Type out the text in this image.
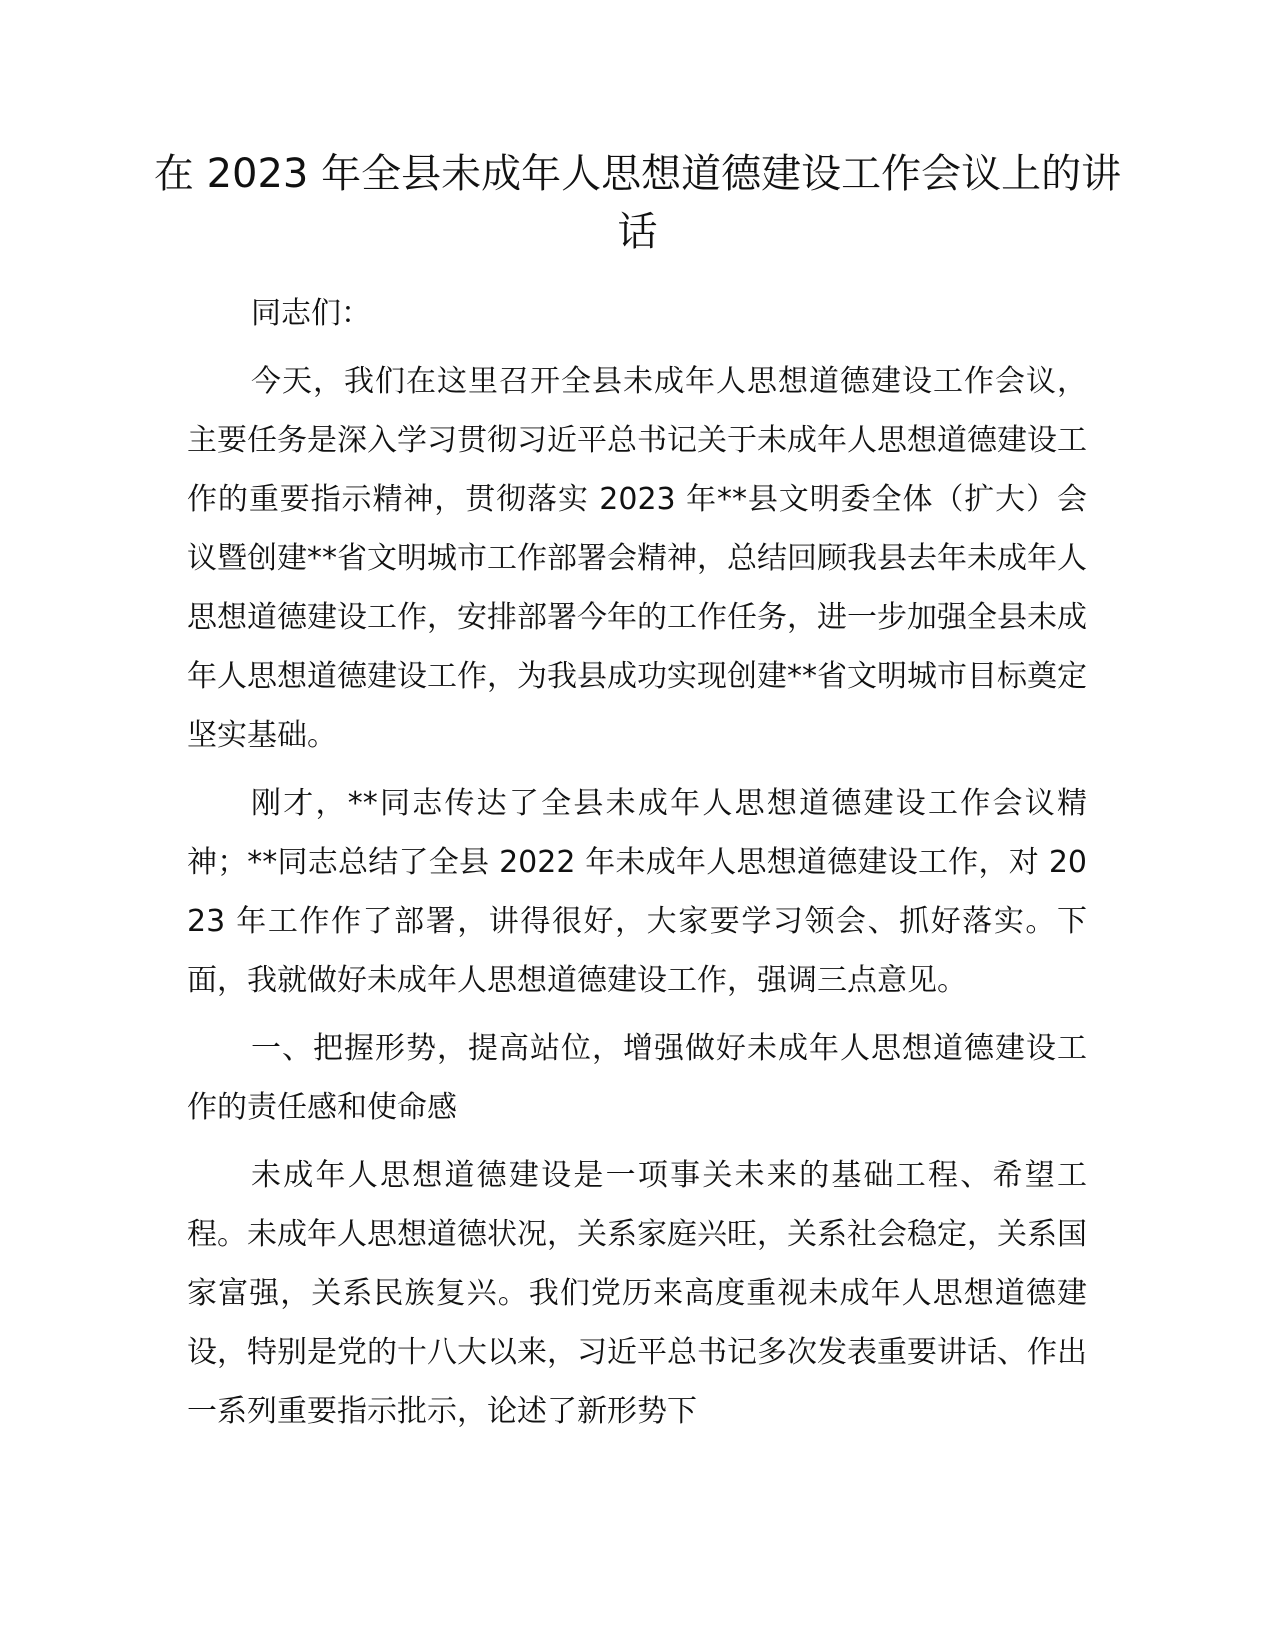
在 2023 年全县未成年人思想道德建设工作会议上的讲话

同志们：

今天，我们在这里召开全县未成年人思想道德建设工作会议，主要任务是深入学习贯彻习近平总书记关于未成年人思想道德建设工作的重要指示精神，贯彻落实 2023 年**县文明委全体（扩大）会议暨创建**省文明城市工作部署会精神，总结回顾我县去年未成年人思想道德建设工作，安排部署今年的工作任务，进一步加强全县未成年人思想道德建设工作，为我县成功实现创建**省文明城市目标奠定坚实基础。

刚才，**同志传达了全县未成年人思想道德建设工作会议精神；**同志总结了全县 2022 年未成年人思想道德建设工作，对 2023 年工作作了部署，讲得很好，大家要学习领会、抓好落实。下面，我就做好未成年人思想道德建设工作，强调三点意见。

一、把握形势，提高站位，增强做好未成年人思想道德建设工作的责任感和使命感

未成年人思想道德建设是一项事关未来的基础工程、希望工程。未成年人思想道德状况，关系家庭兴旺，关系社会稳定，关系国家富强，关系民族复兴。我们党历来高度重视未成年人思想道德建设，特别是党的十八大以来，习近平总书记多次发表重要讲话、作出一系列重要指示批示，论述了新形势下
